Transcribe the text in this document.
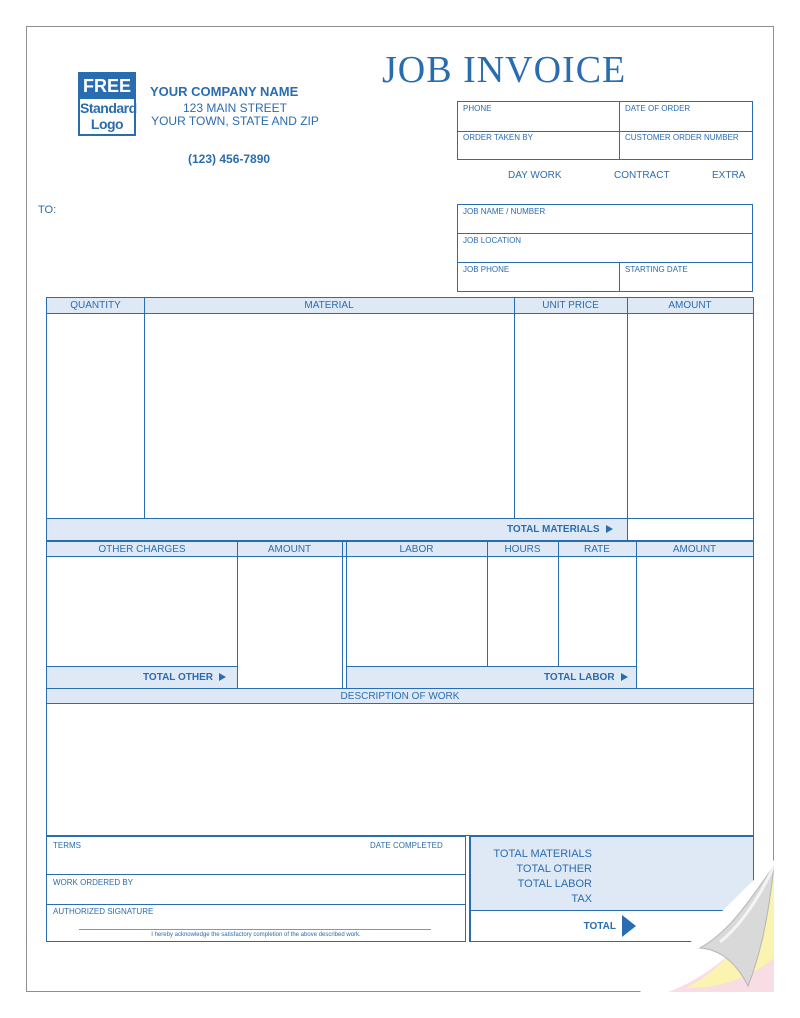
FREE
Standard
Logo
YOUR COMPANY NAME
123 MAIN STREET
YOUR TOWN, STATE AND ZIP
(123) 456-7890
JOB INVOICE
PHONE	DATE OF ORDER
ORDER TAKEN BY	CUSTOMER ORDER NUMBER
DAY WORK	CONTRACT	EXTRA
TO:	JOB NAME / NUMBER
JOB LOCATION
JOB PHONE	STARTING DATE
QUANTITY	MATERIAL	UNIT PRICE	AMOUNT
TOTAL MATERIALS
OTHER CHARGES	AMOUNT	LABOR	HOURS	RATE	AMOUNT
TOTAL OTHER	TOTAL LABOR
DESCRIPTION OF WORK
TERMS	DATE COMPLETED
WORK ORDERED BY
AUTHORIZED SIGNATURE
I hereby acknowledge the satisfactory completion of the above described work.
TOTAL MATERIALS
TOTAL OTHER
TOTAL LABOR
TAX
TOTAL
